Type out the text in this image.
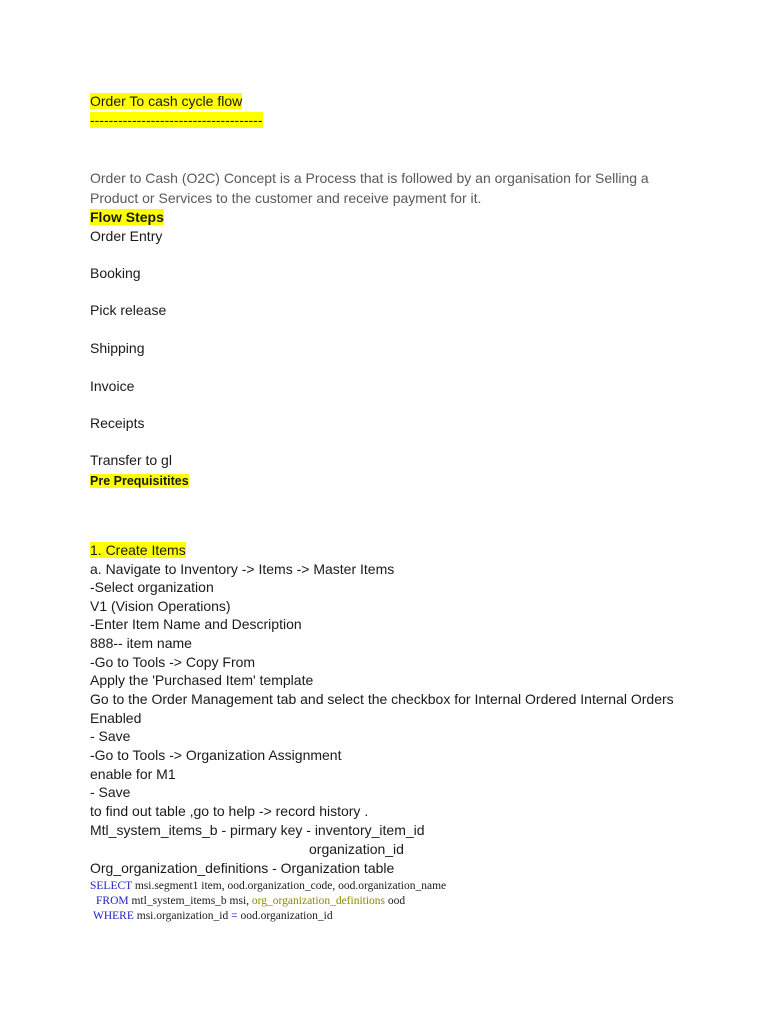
Order To cash cycle flow
-------------------------------------
Order to Cash (O2C) Concept is a Process that is followed by an organisation for Selling a Product or Services to the customer and receive payment for it.
Flow Steps
Order Entry
Booking
Pick release
Shipping
Invoice
Receipts
Transfer to gl
Pre Prequisitites
1. Create Items
a. Navigate to Inventory -> Items -> Master Items
-Select organization
V1 (Vision Operations)
-Enter Item Name and Description
888-- item name
-Go to Tools -> Copy From
Apply the 'Purchased Item' template
Go to the Order Management tab and select the checkbox for Internal Ordered Internal Orders
Enabled
- Save
-Go to Tools -> Organization Assignment
enable for M1
- Save
to find out table ,go to help -> record history .
Mtl_system_items_b - pirmary key - inventory_item_id
organization_id
Org_organization_definitions - Organization table
SELECT msi.segment1 item, ood.organization_code, ood.organization_name
FROM mtl_system_items_b msi, org_organization_definitions ood
WHERE msi.organization_id = ood.organization_id
